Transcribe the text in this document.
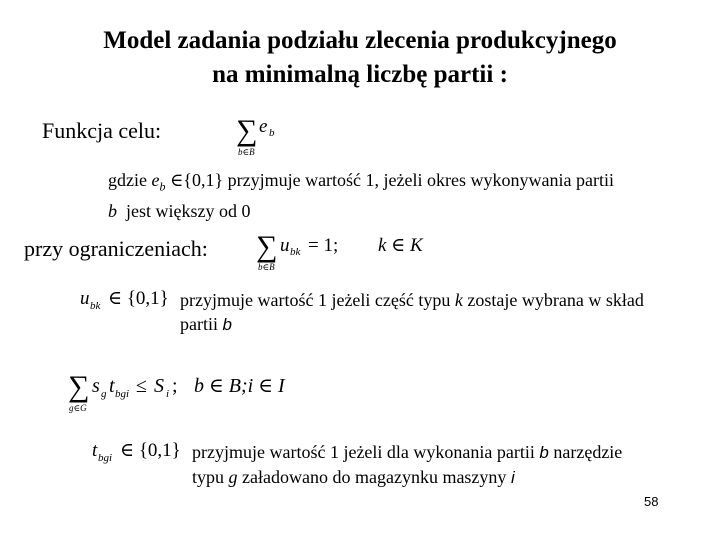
Model zadania podziału zlecenia produkcyjnego
na minimalną liczbę partii :
Funkcja celu: ∑
b∈B
e b
gdzie $e_b$ ∈{0,1} przyjmuje wartość 1, jeżeli okres wykonywania partii
b jest większy od 0
przy ograniczeniach: ∑
b∈B
u bk = 1; k ∈ K
u bk ∈ {0,1} przyjmuje wartość 1 jeżeli część typu k zostaje wybrana w skład
partii b
∑
g∈G
s g t bgi ≤ S i ; b ∈ B;i ∈ I
t bgi ∈ {0,1} przyjmuje wartość 1 jeżeli dla wykonania partii b narzędzie
typu g załadowano do magazynku maszyny i
58
